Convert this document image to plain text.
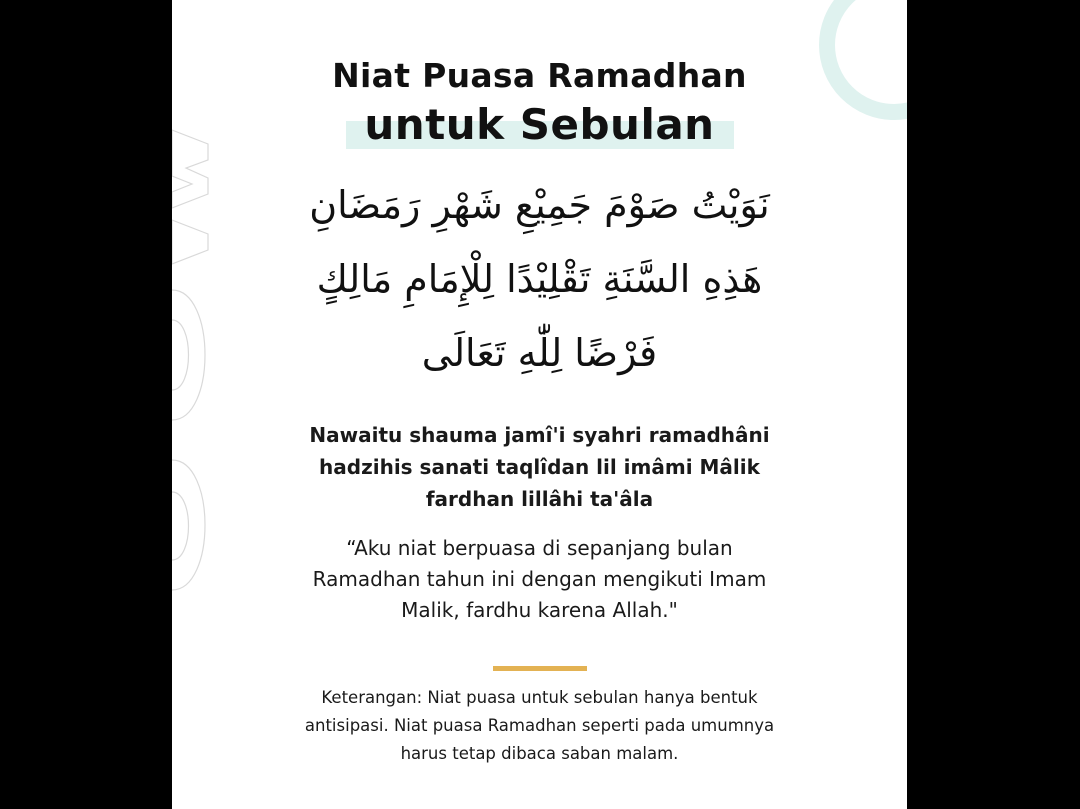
Niat Puasa Ramadhan
untuk Sebulan
نَوَيْتُ صَوْمَ جَمِيْعِ شَهْرِ رَمَضَانِ هَذِهِ السَّنَةِ تَقْلِيْدًا لِلْإِمَامِ مَالِكٍ فَرْضًا لِلّٰهِ تَعَالَى
Nawaitu shauma jamî'i syahri ramadhâni hadzihis sanati taqlîdan lil imâmi Mâlik fardhan lillâhi ta'âla
“Aku niat berpuasa di sepanjang bulan Ramadhan tahun ini dengan mengikuti Imam Malik, fardhu karena Allah."
Keterangan: Niat puasa untuk sebulan hanya bentuk antisipasi. Niat puasa Ramadhan seperti pada umumnya harus tetap dibaca saban malam.
